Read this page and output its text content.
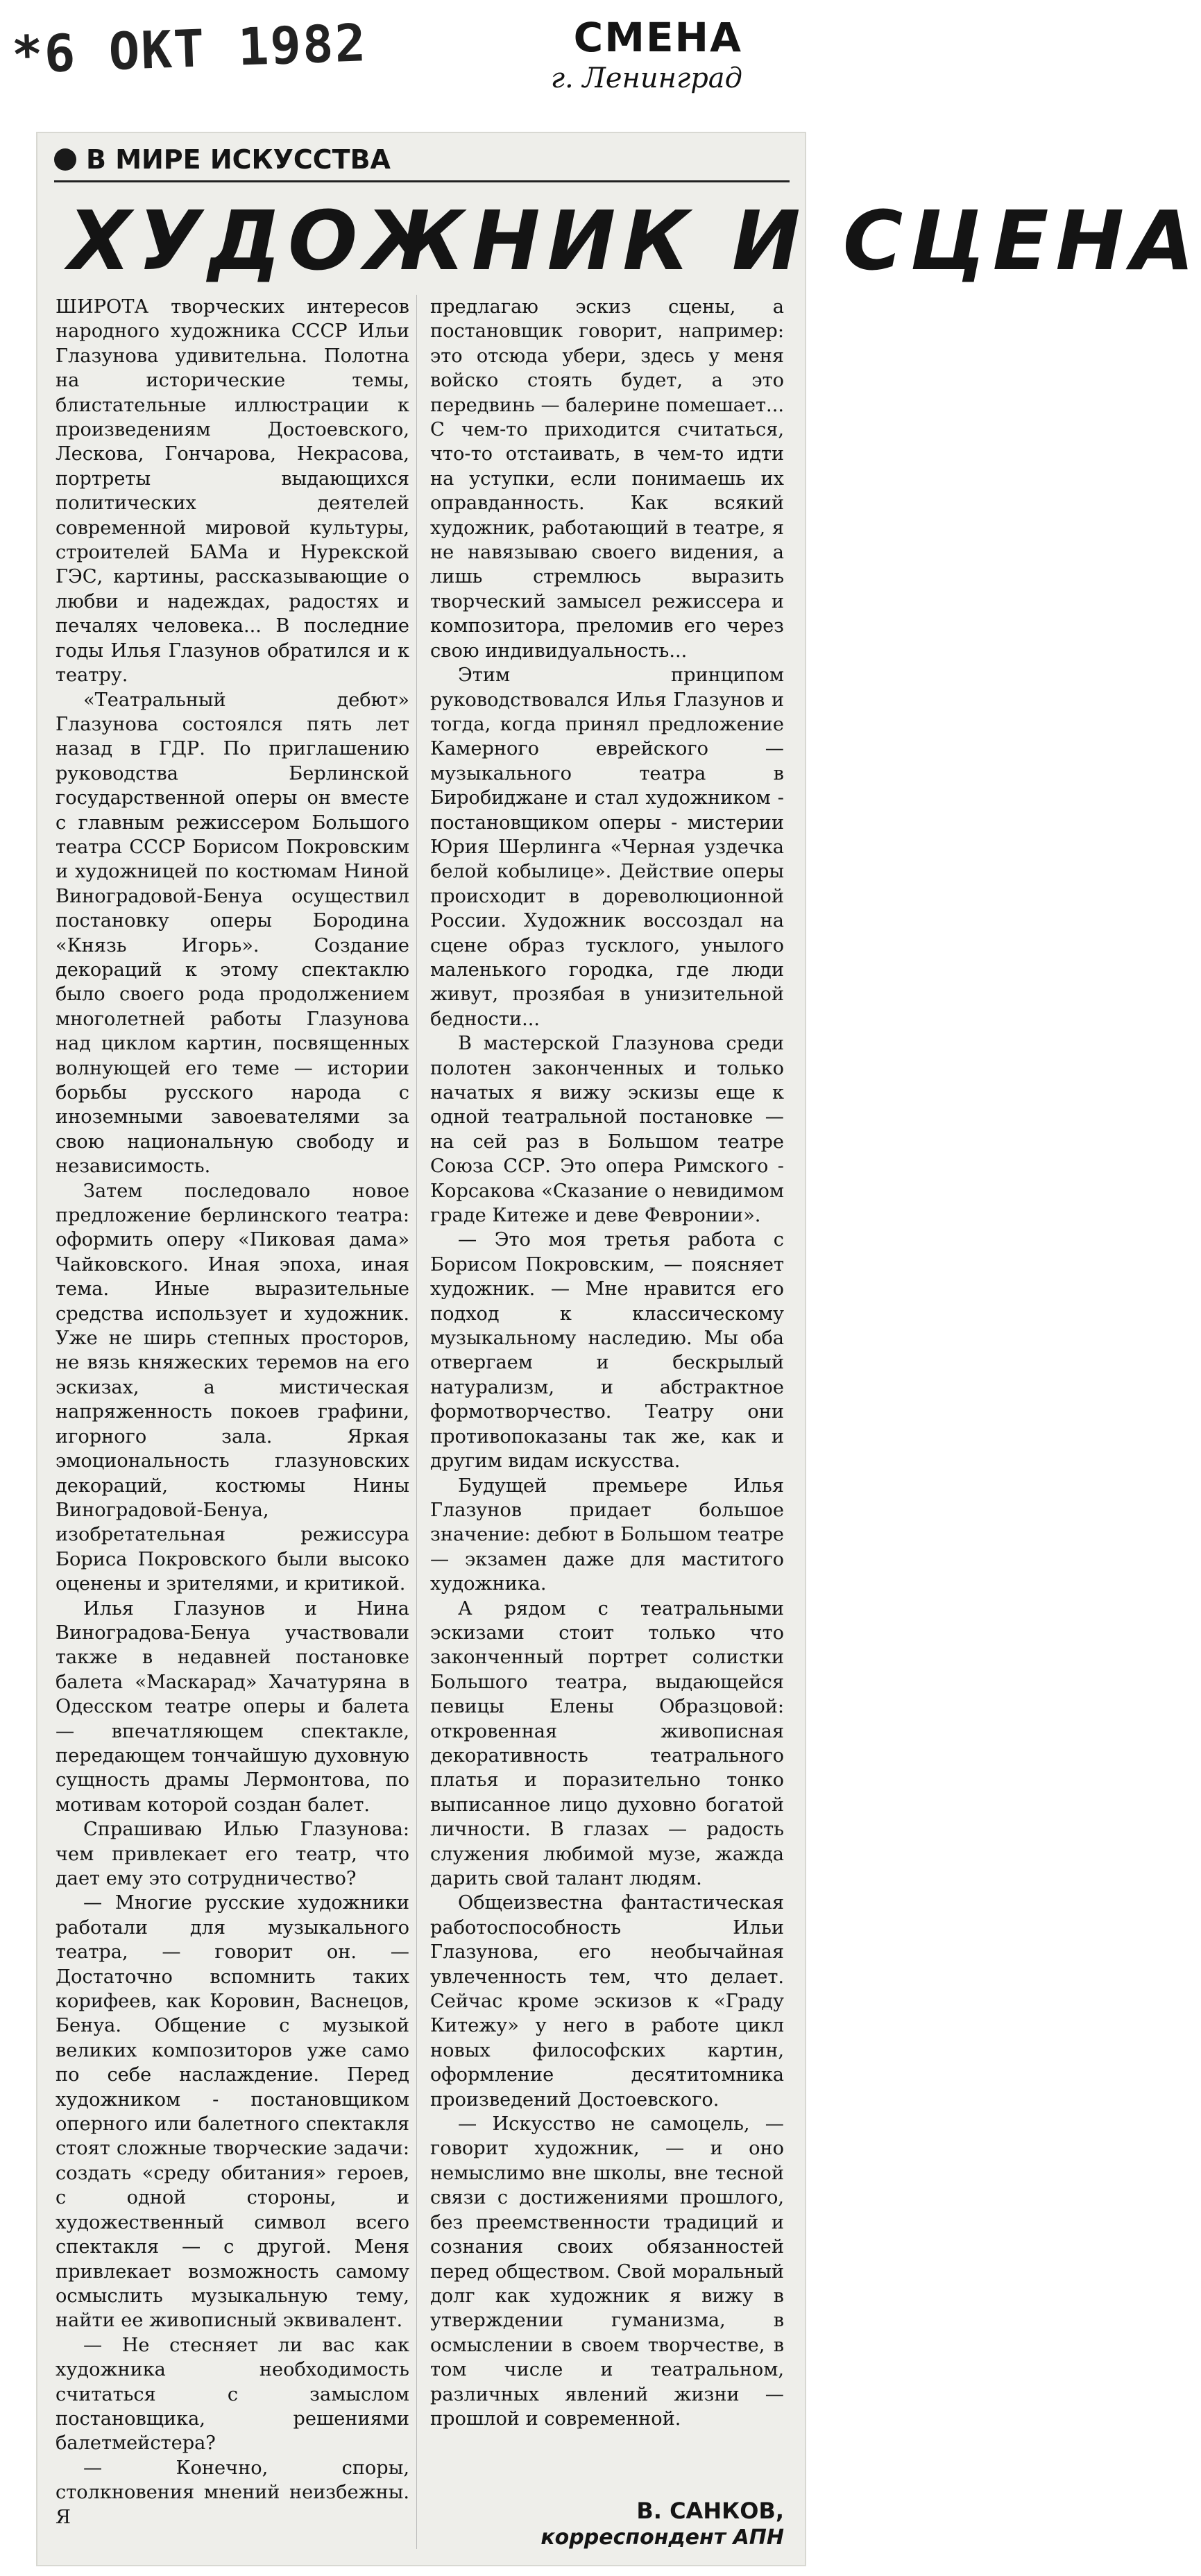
*6 ОКТ 1982	СМЕНА
г. Ленинград
В МИРЕ ИСКУССТВА
ХУДОЖНИК И СЦЕНА

ШИРОТА творческих интересов народного художника СССР Ильи Глазунова удивительна. Полотна на исторические темы, блистательные иллюстрации к произведениям Достоевского, Лескова, Гончарова, Некрасова, портреты выдающихся политических деятелей современной мировой культуры, строителей БАМа и Нурекской ГЭС, картины, рассказывающие о любви и надеждах, радостях и печалях человека... В последние годы Илья Глазунов обратился и к театру.

«Театральный дебют» Глазунова состоялся пять лет назад в ГДР. По приглашению руководства Берлинской государственной оперы он вместе с главным режиссером Большого театра СССР Борисом Покровским и художницей по костюмам Ниной Виноградовой-Бенуа осуществил постановку оперы Бородина «Князь Игорь». Создание декораций к этому спектаклю было своего рода продолжением многолетней работы Глазунова над циклом картин, посвященных волнующей его теме — истории борьбы русского народа с иноземными завоевателями за свою национальную свободу и независимость.

Затем последовало новое предложение берлинского театра: оформить оперу «Пиковая дама» Чайковского. Иная эпоха, иная тема. Иные выразительные средства использует и художник. Уже не ширь степных просторов, не вязь княжеских теремов на его эскизах, а мистическая напряженность покоев графини, игорного зала. Яркая эмоциональность глазуновских декораций, костюмы Нины Виноградовой-Бенуа, изобретательная режиссура Бориса Покровского были высоко оценены и зрителями, и критикой.

Илья Глазунов и Нина Виноградова-Бенуа участвовали также в недавней постановке балета «Маскарад» Хачатуряна в Одесском театре оперы и балета — впечатляющем спектакле, передающем тончайшую духовную сущность драмы Лермонтова, по мотивам которой создан балет.

Спрашиваю Илью Глазунова: чем привлекает его театр, что дает ему это сотрудничество?

— Многие русские художники работали для музыкального театра, — говорит он. — Достаточно вспомнить таких корифеев, как Коровин, Васнецов, Бенуа. Общение с музыкой великих композиторов уже само по себе наслаждение. Перед художником - постановщиком оперного или балетного спектакля стоят сложные творческие задачи: создать «среду обитания» героев, с одной стороны, и художественный символ всего спектакля — с другой. Меня привлекает возможность самому осмыслить музыкальную тему, найти ее живописный эквивалент.

— Не стесняет ли вас как художника необходимость считаться с замыслом постановщика, решениями балетмейстера?

— Конечно, споры, столкновения мнений неизбежны. Я

предлагаю эскиз сцены, а постановщик говорит, например: это отсюда убери, здесь у меня войско стоять будет, а это передвинь — балерине помешает... С чем-то приходится считаться, что-то отстаивать, в чем-то идти на уступки, если понимаешь их оправданность. Как всякий художник, работающий в театре, я не навязываю своего видения, а лишь стремлюсь выразить творческий замысел режиссера и композитора, преломив его через свою индивидуальность...

Этим принципом руководствовался Илья Глазунов и тогда, когда принял предложение Камерного еврейского — музыкального театра в Биробиджане и стал художником - постановщиком оперы - мистерии Юрия Шерлинга «Черная уздечка белой кобылице». Действие оперы происходит в дореволюционной России. Художник воссоздал на сцене образ тусклого, унылого маленького городка, где люди живут, прозябая в унизительной бедности...

В мастерской Глазунова среди полотен законченных и только начатых я вижу эскизы еще к одной театральной постановке — на сей раз в Большом театре Союза ССР. Это опера Римского - Корсакова «Сказание о невидимом граде Китеже и деве Февронии».

— Это моя третья работа с Борисом Покровским, — поясняет художник. — Мне нравится его подход к классическому музыкальному наследию. Мы оба отвергаем и бескрылый натурализм, и абстрактное формотворчество. Театру они противопоказаны так же, как и другим видам искусства.

Будущей премьере Илья Глазунов придает большое значение: дебют в Большом театре — экзамен даже для маститого художника.

А рядом с театральными эскизами стоит только что законченный портрет солистки Большого театра, выдающейся певицы Елены Образцовой: откровенная живописная декоративность театрального платья и поразительно тонко выписанное лицо духовно богатой личности. В глазах — радость служения любимой музе, жажда дарить свой талант людям.

Общеизвестна фантастическая работоспособность Ильи Глазунова, его необычайная увлеченность тем, что делает. Сейчас кроме эскизов к «Граду Китежу» у него в работе цикл новых философских картин, оформление десятитомника произведений Достоевского.

— Искусство не самоцель, — говорит художник, — и оно немыслимо вне школы, вне тесной связи с достижениями прошлого, без преемственности традиций и сознания своих обязанностей перед обществом. Свой моральный долг как художник я вижу в утверждении гуманизма, в осмыслении в своем творчестве, в том числе и театральном, различных явлений жизни — прошлой и современной.

В. САНКОВ,
корреспондент АПН
